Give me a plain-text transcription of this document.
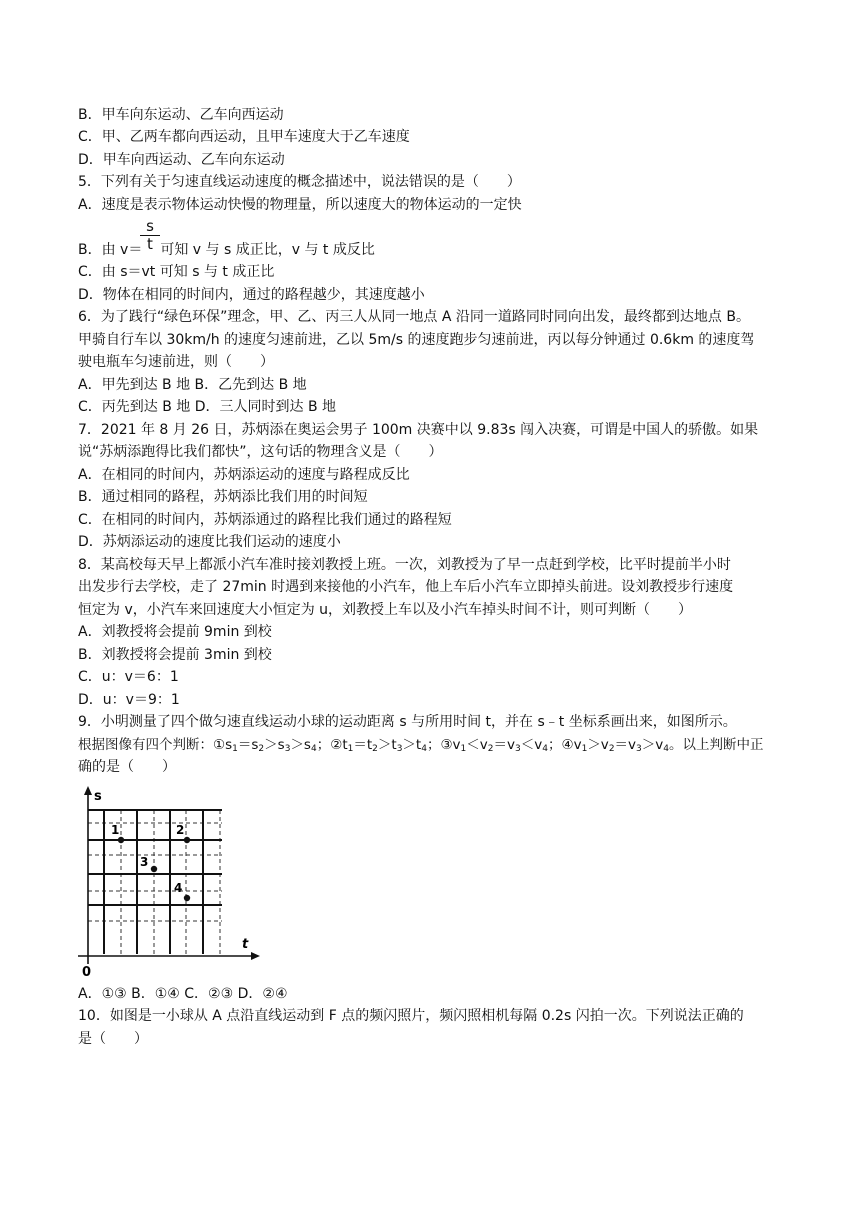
B．甲车向东运动、乙车向西运动
C．甲、乙两车都向西运动，且甲车速度大于乙车速度
D．甲车向西运动、乙车向东运动
5．下列有关于匀速直线运动速度的概念描述中，说法错误的是（　　）
A．速度是表示物体运动快慢的物理量，所以速度大的物体运动的一定快
$\frac{s}{t}$
B．由 v＝ 可知 v 与 s 成正比，v 与 t 成反比
C．由 s＝vt 可知 s 与 t 成正比
D．物体在相同的时间内，通过的路程越少，其速度越小
6．为了践行“绿色环保”理念，甲、乙、丙三人从同一地点 A 沿同一道路同时同向出发，最终都到达地点 B。
甲骑自行车以 30km/h 的速度匀速前进，乙以 5m/s 的速度跑步匀速前进，丙以每分钟通过 0.6km 的速度驾
驶电瓶车匀速前进，则（　　）
A．甲先到达 B 地 B．乙先到达 B 地
C．丙先到达 B 地 D．三人同时到达 B 地
7．2021 年 8 月 26 日，苏炳添在奥运会男子 100m 决赛中以 9.83s 闯入决赛，可谓是中国人的骄傲。如果
说“苏炳添跑得比我们都快”，这句话的物理含义是（　　）
A．在相同的时间内，苏炳添运动的速度与路程成反比
B．通过相同的路程，苏炳添比我们用的时间短
C．在相同的时间内，苏炳添通过的路程比我们通过的路程短
D．苏炳添运动的速度比我们运动的速度小
8．某高校每天早上都派小汽车准时接刘教授上班。一次，刘教授为了早一点赶到学校，比平时提前半小时
出发步行去学校，走了 27min 时遇到来接他的小汽车，他上车后小汽车立即掉头前进。设刘教授步行速度
恒定为 v，小汽车来回速度大小恒定为 u，刘教授上车以及小汽车掉头时间不计，则可判断（　　）
A．刘教授将会提前 9min 到校
B．刘教授将会提前 3min 到校
C．u：v＝6：1
D．u：v＝9：1
9．小明测量了四个做匀速直线运动小球的运动距离 s 与所用时间 t，并在 s﹣t 坐标系画出来，如图所示。
根据图像有四个判断：$①s_1=s_2>s_3>s_4$；$②t_1=t_2>t_3>t_4$；$③v_1<v_2=v_3<v_4$；$④v_1>v_2=v_3>v_4$。以上判断中正
确的是（　　）
s
t
0
1	2
3
4
A．①③ B．①④ C．②③ D．②④
10．如图是一小球从 A 点沿直线运动到 F 点的频闪照片，频闪照相机每隔 0.2s 闪拍一次。下列说法正确的
是（　　）
